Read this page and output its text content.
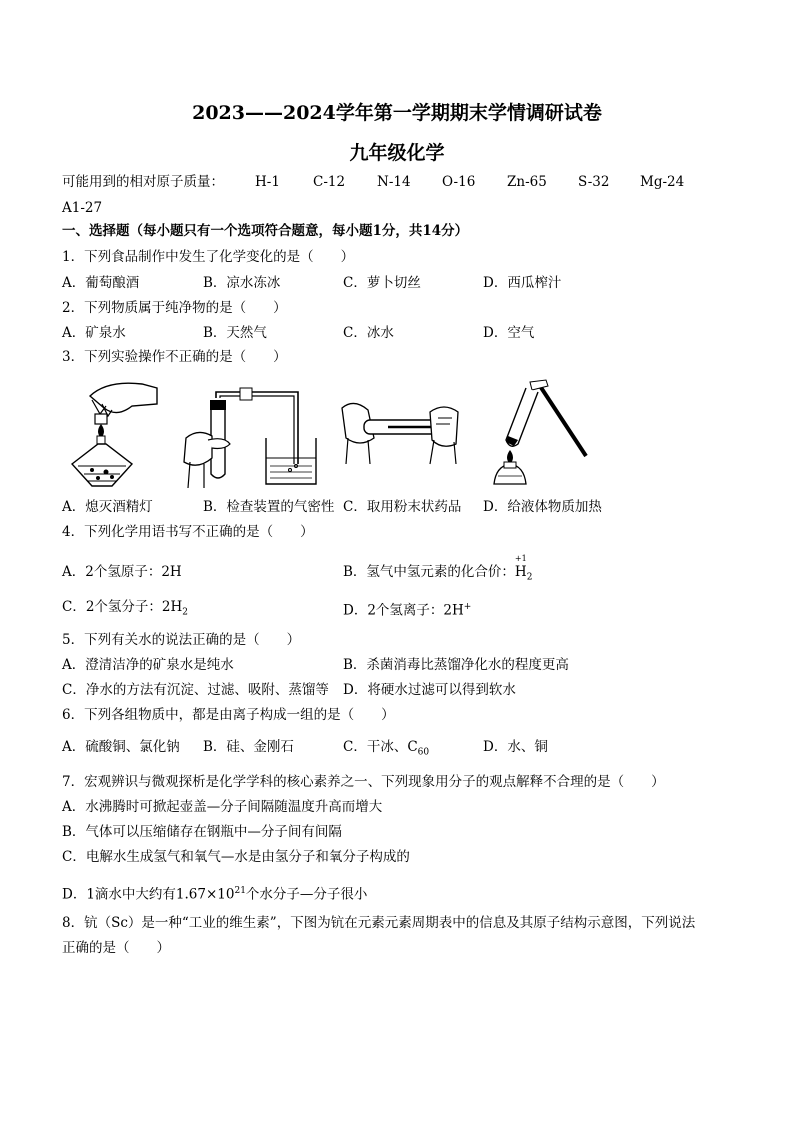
2023——2024学年第一学期期末学情调研试卷
九年级化学
可能用到的相对原子质量： H-1 C-12 N-14 O-16 Zn-65 S-32 Mg-24
A1-27
一、选择题（每小题只有一个选项符合题意，每小题1分，共14分）
1．下列食品制作中发生了化学变化的是（　　）
A．葡萄酿酒	B．凉水冻冰	C．萝卜切丝	D．西瓜榨汁
2．下列物质属于纯净物的是（　　）
A．矿泉水	B．天然气	C．冰水	D．空气
3．下列实验操作不正确的是（　　）
A．熄灭酒精灯	B．检查装置的气密性 C．取用粉末状药品 D．给液体物质加热
4．下列化学用语书写不正确的是（　　）
A．2个氢原子：2H	B．氢气中氢元素的化合价：
+1
$H_2$
C．2个氢分子：$2H_2$	D．2个氢离子：2H+
5．下列有关水的说法正确的是（　　）
A．澄清洁净的矿泉水是纯水	B．杀菌消毒比蒸馏净化水的程度更高
C．净水的方法有沉淀、过滤、吸附、蒸馏等 D．将硬水过滤可以得到软水
6．下列各组物质中，都是由离子构成一组的是（　　）
A．硫酸铜、氯化钠 B．硅、金刚石	C．干冰、$C_{60}$	D．水、铜
7．宏观辨识与微观探析是化学学科的核心素养之一、下列现象用分子的观点解释不合理的是（　　）
A．水沸腾时可掀起壶盖—分子间隔随温度升高而增大
B．气体可以压缩储存在钢瓶中—分子间有间隔
C．电解水生成氢气和氧气—水是由氢分子和氧分子构成的
D．1滴水中大约有$1.67\times 10^{21}$个水分子—分子很小
8．钪（Sc）是一种“工业的维生素”，下图为钪在元素元素周期表中的信息及其原子结构示意图，下列说法
正确的是（　　）
